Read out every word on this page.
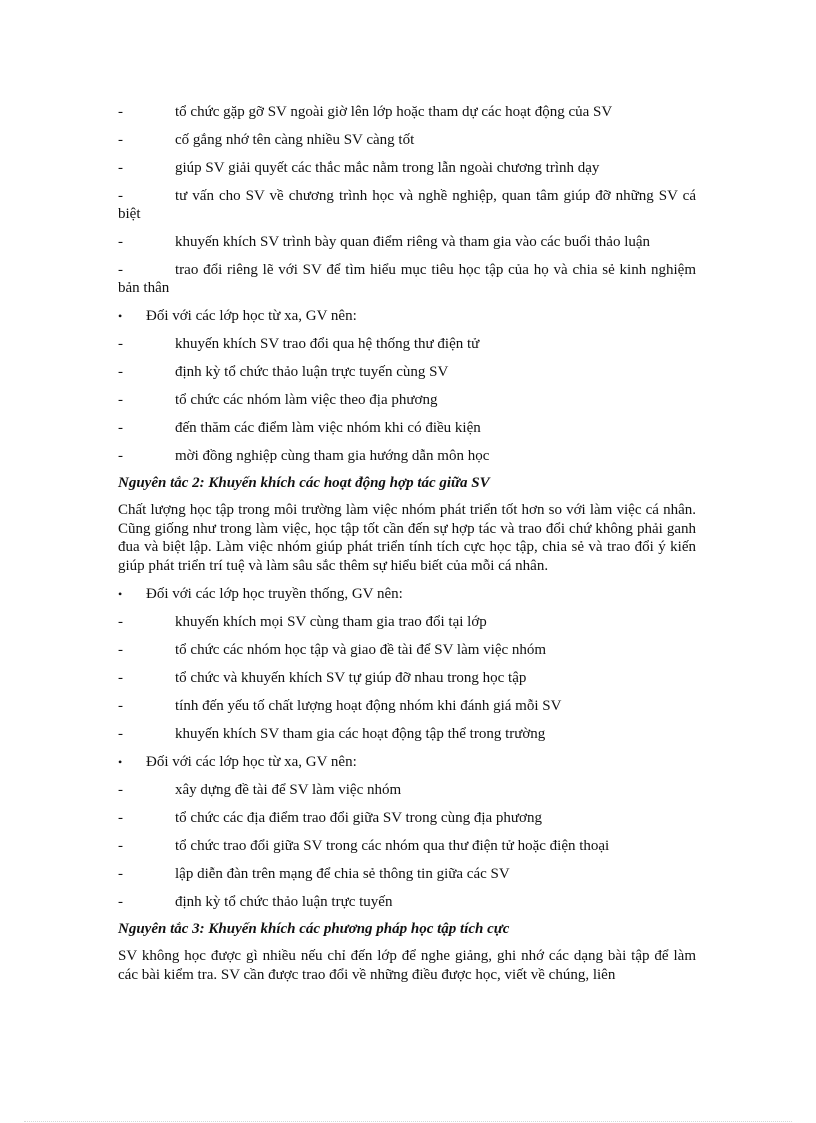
-	tổ chức gặp gỡ SV ngoài giờ lên lớp hoặc tham dự các hoạt động của SV
-	cố gắng nhớ tên càng nhiều SV càng tốt
-	giúp SV giải quyết các thắc mắc nằm trong lẫn ngoài chương trình dạy
-	tư vấn cho SV về chương trình học và nghề nghiệp, quan tâm giúp đỡ những SV cá biệt
-	khuyến khích SV trình bày quan điểm riêng và tham gia vào các buổi thảo luận
-	trao đổi riêng lẽ với SV để tìm hiểu mục tiêu học tập của họ và chia sẻ kinh nghiệm bản thân
• Đối với các lớp học từ xa, GV nên:
-	khuyến khích SV trao đổi qua hệ thống thư điện tử
-	định kỳ tổ chức thảo luận trực tuyến cùng SV
-	tổ chức các nhóm làm việc theo địa phương
-	đến thăm các điểm làm việc nhóm khi có điều kiện
-	mời đồng nghiệp cùng tham gia hướng dẫn môn học
Nguyên tắc 2: Khuyến khích các hoạt động hợp tác giữa SV
Chất lượng học tập trong môi trường làm việc nhóm phát triển tốt hơn so với làm việc cá nhân. Cũng giống như trong làm việc, học tập tốt cần đến sự hợp tác và trao đổi chứ không phải ganh đua và biệt lập. Làm việc nhóm giúp phát triển tính tích cực học tập, chia sẻ và trao đổi ý kiến giúp phát triển trí tuệ và làm sâu sắc thêm sự hiểu biết của mỗi cá nhân.
• Đối với các lớp học truyền thống, GV nên:
-	khuyến khích mọi SV cùng tham gia trao đổi tại lớp
-	tổ chức các nhóm học tập và giao đề tài để SV làm việc nhóm
-	tổ chức và khuyến khích SV tự giúp đỡ nhau trong học tập
-	tính đến yếu tố chất lượng hoạt động nhóm khi đánh giá mỗi SV
-	khuyến khích SV tham gia các hoạt động tập thể trong trường
• Đối với các lớp học từ xa, GV nên:
-	xây dựng đề tài để SV làm việc nhóm
-	tổ chức các địa điểm trao đổi giữa SV trong cùng địa phương
-	tổ chức trao đổi giữa SV trong các nhóm qua thư điện tử hoặc điện thoại
-	lập diễn đàn trên mạng để chia sẻ thông tin giữa các SV
-	định kỳ tổ chức thảo luận trực tuyến
Nguyên tắc 3: Khuyến khích các phương pháp học tập tích cực
SV không học được gì nhiều nếu chỉ đến lớp để nghe giảng, ghi nhớ các dạng bài tập để làm các bài kiểm tra. SV cần được trao đổi về những điều được học, viết về chúng, liên
